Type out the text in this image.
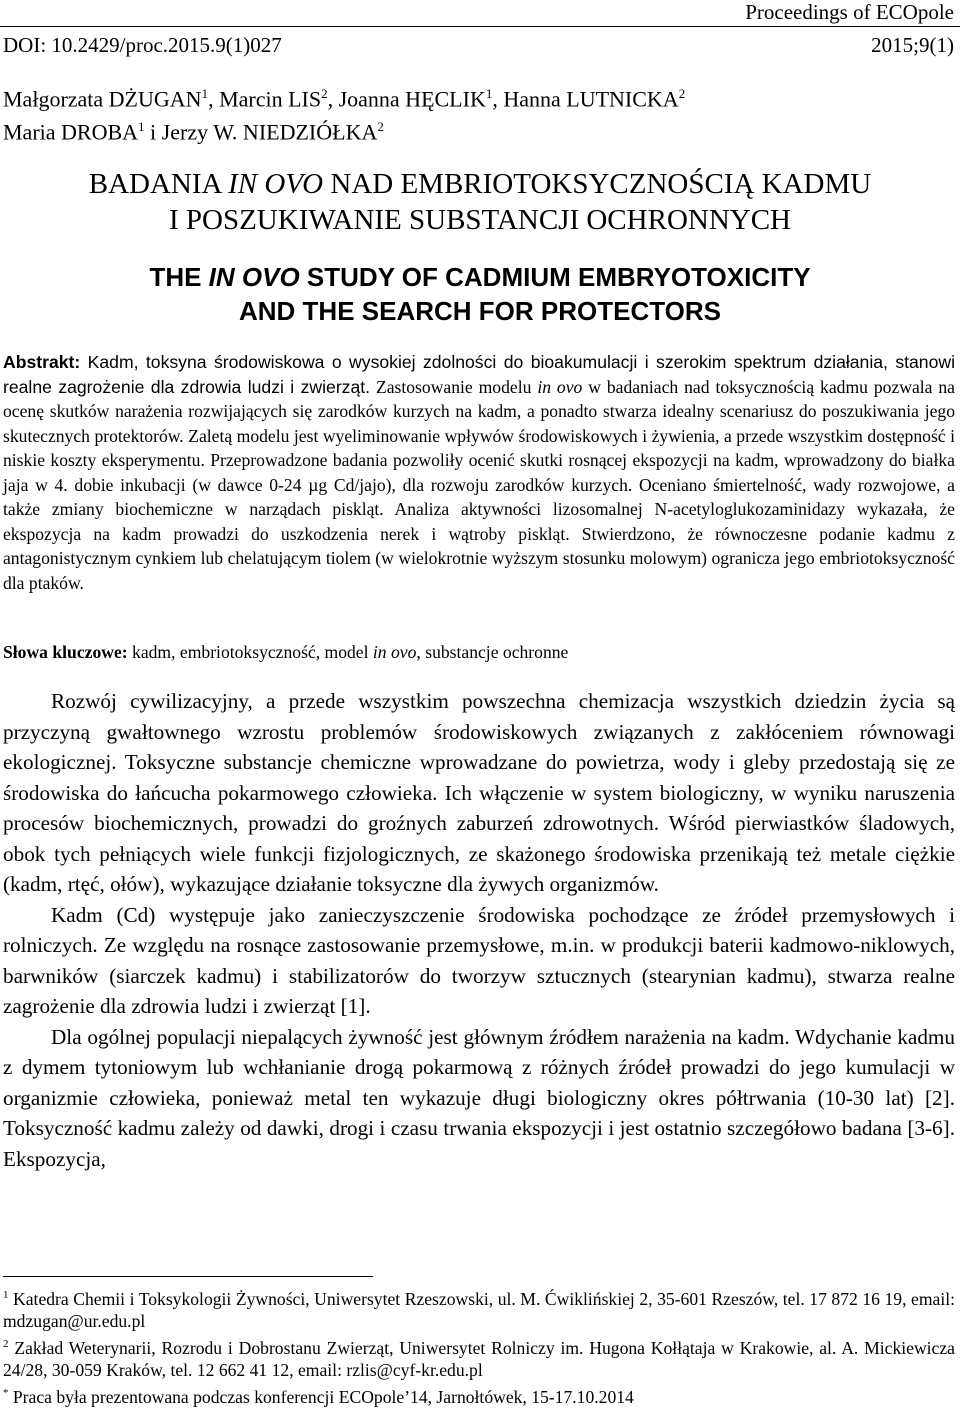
Proceedings of ECOpole
DOI: 10.2429/proc.2015.9(1)027	2015;9(1)
Małgorzata DŻUGAN$^1$, Marcin LIS$^2$, Joanna HĘCLIK$^1$, Hanna LUTNICKA$^2$
Maria DROBA$^1$ i Jerzy W. NIEDZIÓŁKA$^2$
BADANIA IN OVO NAD EMBRIOTOKSYCZNOŚCIĄ KADMU
I POSZUKIWANIE SUBSTANCJI OCHRONNYCH
THE IN OVO STUDY OF CADMIUM EMBRYOTOXICITY
AND THE SEARCH FOR PROTECTORS
Abstrakt: Kadm, toksyna środowiskowa o wysokiej zdolności do bioakumulacji i szerokim spektrum działania, stanowi realne zagrożenie dla zdrowia ludzi i zwierząt. Zastosowanie modelu in ovo w badaniach nad toksycznością kadmu pozwala na ocenę skutków narażenia rozwijających się zarodków kurzych na kadm, a ponadto stwarza idealny scenariusz do poszukiwania jego skutecznych protektorów. Zaletą modelu jest wyeliminowanie wpływów środowiskowych i żywienia, a przede wszystkim dostępność i niskie koszty eksperymentu. Przeprowadzone badania pozwoliły ocenić skutki rosnącej ekspozycji na kadm, wprowadzony do białka jaja w 4. dobie inkubacji (w dawce 0-24 µg Cd/jajo), dla rozwoju zarodków kurzych. Oceniano śmiertelność, wady rozwojowe, a także zmiany biochemiczne w narządach piskląt. Analiza aktywności lizosomalnej N-acetyloglukozaminidazy wykazała, że ekspozycja na kadm prowadzi do uszkodzenia nerek i wątroby piskląt. Stwierdzono, że równoczesne podanie kadmu z antagonistycznym cynkiem lub chelatującym tiolem (w wielokrotnie wyższym stosunku molowym) ogranicza jego embriotoksyczność dla ptaków.
Słowa kluczowe: kadm, embriotoksyczność, model in ovo, substancje ochronne

Rozwój cywilizacyjny, a przede wszystkim powszechna chemizacja wszystkich dziedzin życia są przyczyną gwałtownego wzrostu problemów środowiskowych związanych z zakłóceniem równowagi ekologicznej. Toksyczne substancje chemiczne wprowadzane do powietrza, wody i gleby przedostają się ze środowiska do łańcucha pokarmowego człowieka. Ich włączenie w system biologiczny, w wyniku naruszenia procesów biochemicznych, prowadzi do groźnych zaburzeń zdrowotnych. Wśród pierwiastków śladowych, obok tych pełniących wiele funkcji fizjologicznych, ze skażonego środowiska przenikają też metale ciężkie (kadm, rtęć, ołów), wykazujące działanie toksyczne dla żywych organizmów.

Kadm (Cd) występuje jako zanieczyszczenie środowiska pochodzące ze źródeł przemysłowych i rolniczych. Ze względu na rosnące zastosowanie przemysłowe, m.in. w produkcji baterii kadmowo-niklowych, barwników (siarczek kadmu) i stabilizatorów do tworzyw sztucznych (stearynian kadmu), stwarza realne zagrożenie dla zdrowia ludzi i zwierząt [1].

Dla ogólnej populacji niepalących żywność jest głównym źródłem narażenia na kadm. Wdychanie kadmu z dymem tytoniowym lub wchłanianie drogą pokarmową z różnych źródeł prowadzi do jego kumulacji w organizmie człowieka, ponieważ metal ten wykazuje długi biologiczny okres półtrwania (10-30 lat) [2]. Toksyczność kadmu zależy od dawki, drogi i czasu trwania ekspozycji i jest ostatnio szczegółowo badana [3-6]. Ekspozycja,

$^1$ Katedra Chemii i Toksykologii Żywności, Uniwersytet Rzeszowski, ul. M. Ćwiklińskiej 2, 35-601 Rzeszów, tel. 17 872 16 19, email: mdzugan@ur.edu.pl

$^2$ Zakład Weterynarii, Rozrodu i Dobrostanu Zwierząt, Uniwersytet Rolniczy im. Hugona Kołłątaja w Krakowie, al. A. Mickiewicza 24/28, 30-059 Kraków, tel. 12 662 41 12, email: rzlis@cyf-kr.edu.pl

* Praca była prezentowana podczas konferencji ECOpole’14, Jarnołtówek, 15-17.10.2014
